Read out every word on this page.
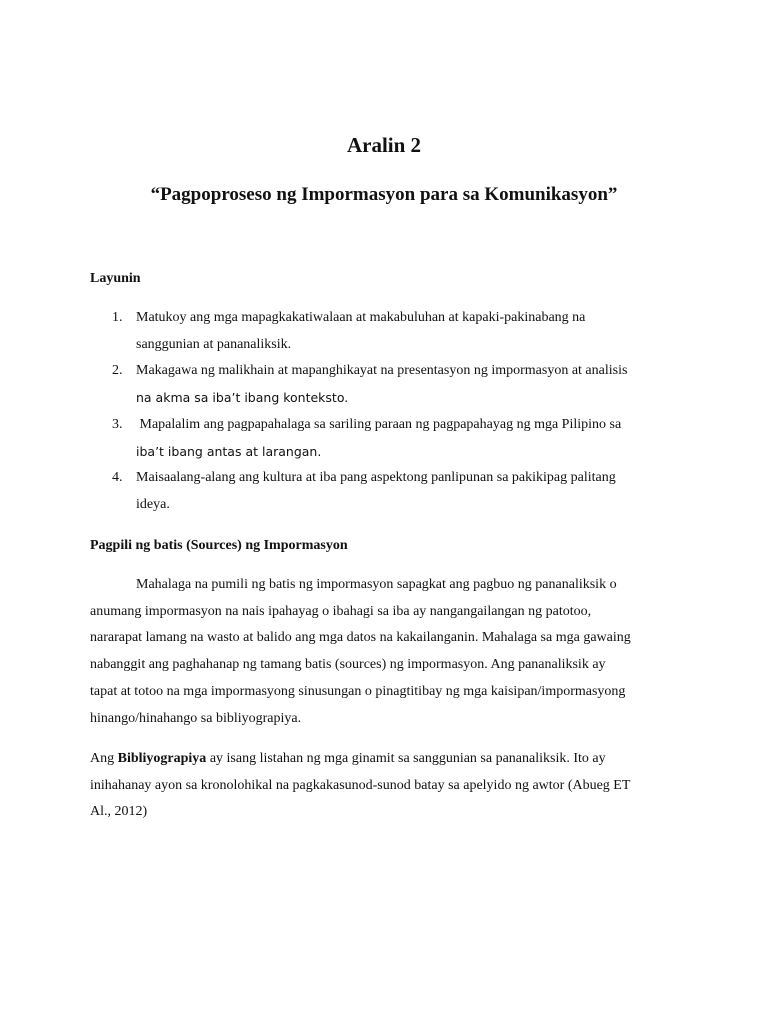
Aralin 2
“Pagpoproseso ng Impormasyon para sa Komunikasyon”
Layunin
1. Matukoy ang mga mapagkakatiwalaan at makabuluhan at kapaki-pakinabang na
sanggunian at pananaliksik.
2. Makagawa ng malikhain at mapanghikayat na presentasyon ng impormasyon at analisis
na akma sa iba’t ibang konteksto.
3. Mapalalim ang pagpapahalaga sa sariling paraan ng pagpapahayag ng mga Pilipino sa
iba’t ibang antas at larangan.
4. Maisaalang-alang ang kultura at iba pang aspektong panlipunan sa pakikipag palitang
ideya.
Pagpili ng batis (Sources) ng Impormasyon
Mahalaga na pumili ng batis ng impormasyon sapagkat ang pagbuo ng pananaliksik o
anumang impormasyon na nais ipahayag o ibahagi sa iba ay nangangailangan ng patotoo,
nararapat lamang na wasto at balido ang mga datos na kakailanganin. Mahalaga sa mga gawaing
nabanggit ang paghahanap ng tamang batis (sources) ng impormasyon. Ang pananaliksik ay
tapat at totoo na mga impormasyong sinusungan o pinagtitibay ng mga kaisipan/impormasyong
hinango/hinahango sa bibliyograpiya.
Ang Bibliyograpiya ay isang listahan ng mga ginamit sa sanggunian sa pananaliksik. Ito ay
inihahanay ayon sa kronolohikal na pagkakasunod-sunod batay sa apelyido ng awtor (Abueg ET
Al., 2012)
